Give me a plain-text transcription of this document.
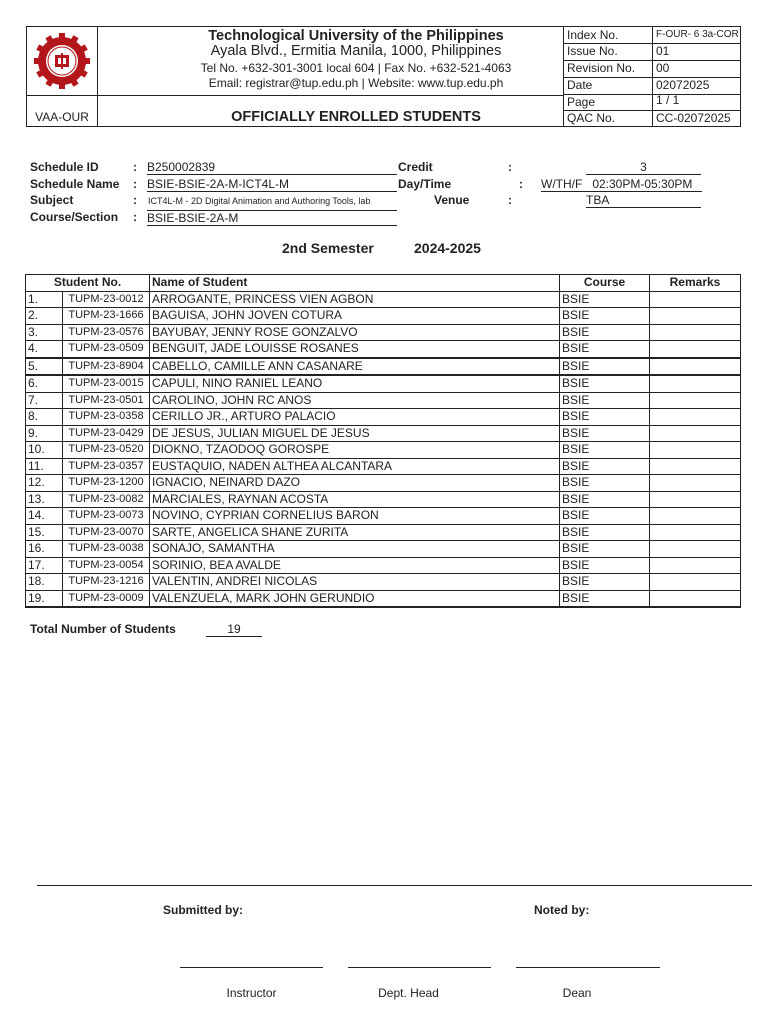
Technological University of the Philippines
Ayala Blvd., Ermitia Manila, 1000, Philippines
Tel No. +632-301-3001 local 604 | Fax No. +632-521-4063
Email: registrar@tup.edu.ph | Website: www.tup.edu.ph
VAA-OUR	OFFICIALLY ENROLLED STUDENTS
Index No.	F-OUR- 6 3a-COR
Issue No.	01
Revision No. 00
Date	02072025
Page	1 / 1
QAC No.	CC-02072025
Schedule ID	: B250002839
Schedule Name : BSIE-BSIE-2A-M-ICT4L-M
Subject	: ICT4L-M - 2D Digital Animation and Authoring Tools, lab
Course/Section : BSIE-BSIE-2A-M
Credit	:	3
Day/Time	: W/TH/F   02:30PM-05:30PM
Venue	:	TBA
2nd Semester	2024-2025
Student No.		Name of Student	Course	Remarks
1.	TUPM-23-0012	ARROGANTE, PRINCESS VIEN AGBON	BSIE	
2.	TUPM-23-1666	BAGUISA, JOHN JOVEN COTURA	BSIE	
3.	TUPM-23-0576	BAYUBAY, JENNY ROSE GONZALVO	BSIE	
4.	TUPM-23-0509	BENGUIT, JADE LOUISSE ROSANES	BSIE	
5.	TUPM-23-8904	CABELLO, CAMILLE ANN CASANARE	BSIE	
6.	TUPM-23-0015	CAPULI, NINO RANIEL LEANO	BSIE	
7.	TUPM-23-0501	CAROLINO, JOHN RC ANOS	BSIE	
8.	TUPM-23-0358	CERILLO JR., ARTURO PALACIO	BSIE	
9.	TUPM-23-0429	DE JESUS, JULIAN MIGUEL DE JESUS	BSIE	
10.	TUPM-23-0520	DIOKNO, TZAODOQ GOROSPE	BSIE	
11.	TUPM-23-0357	EUSTAQUIO, NADEN ALTHEA ALCANTARA	BSIE	
12.	TUPM-23-1200	IGNACIO, NEINARD DAZO	BSIE	
13.	TUPM-23-0082	MARCIALES, RAYNAN ACOSTA	BSIE	
14.	TUPM-23-0073	NOVINO, CYPRIAN CORNELIUS BARON	BSIE	
15.	TUPM-23-0070	SARTE, ANGELICA SHANE ZURITA	BSIE	
16.	TUPM-23-0038	SONAJO, SAMANTHA	BSIE	
17.	TUPM-23-0054	SORINIO, BEA AVALDE	BSIE	
18.	TUPM-23-1216	VALENTIN, ANDREI NICOLAS	BSIE	
19.	TUPM-23-0009	VALENZUELA, MARK JOHN GERUNDIO	BSIE	
Total Number of Students	19
Submitted by:	Noted by:
Instructor	Dept. Head	Dean
